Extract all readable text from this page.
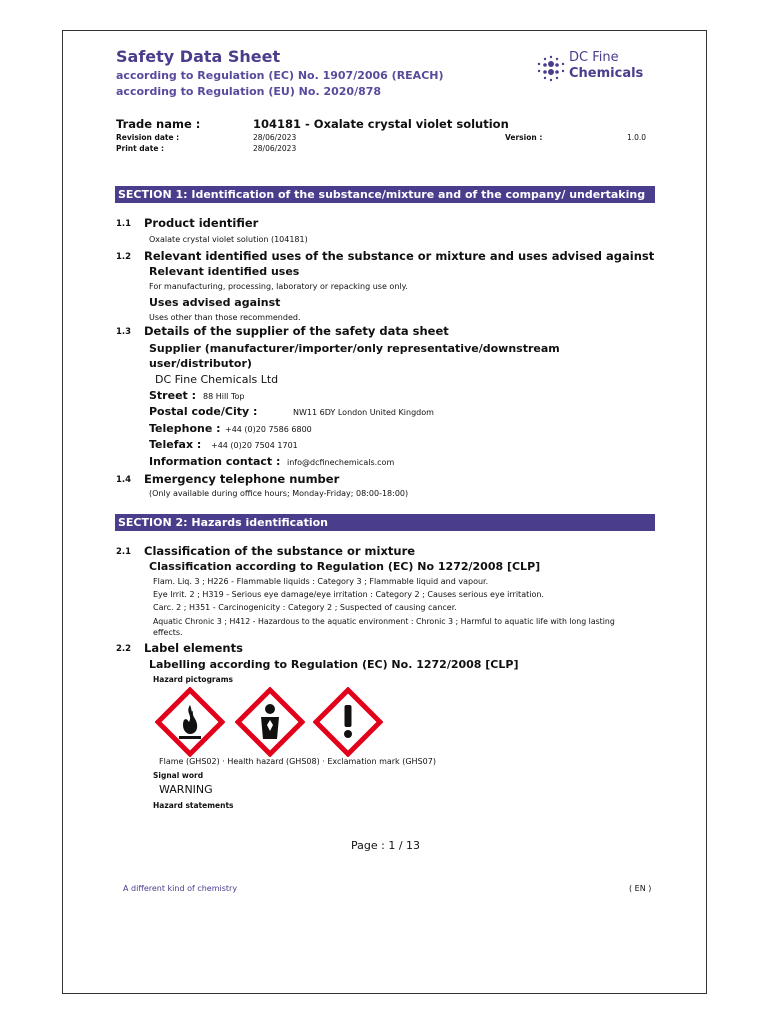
Safety Data Sheet
according to Regulation (EC) No. 1907/2006 (REACH)
according to Regulation (EU) No. 2020/878
DC Fine
Chemicals
Trade name :	104181 - Oxalate crystal violet solution
Revision date :	28/06/2023	Version :	1.0.0
Print date :	28/06/2023
SECTION 1: Identification of the substance/mixture and of the company/ undertaking
1.1 Product identifier
Oxalate crystal violet solution (104181)
1.2 Relevant identified uses of the substance or mixture and uses advised against
Relevant identified uses
For manufacturing, processing, laboratory or repacking use only.
Uses advised against
Uses other than those recommended.
1.3 Details of the supplier of the safety data sheet
Supplier (manufacturer/importer/only representative/downstream
user/distributor)
DC Fine Chemicals Ltd
Street : 88 Hill Top
Postal code/City :	NW11 6DY London United Kingdom
Telephone : +44 (0)20 7586 6800
Telefax : +44 (0)20 7504 1701
Information contact : info@dcfinechemicals.com
1.4 Emergency telephone number
(Only available during office hours; Monday-Friday; 08:00-18:00)
SECTION 2: Hazards identification
2.1 Classification of the substance or mixture
Classification according to Regulation (EC) No 1272/2008 [CLP]
Flam. Liq. 3 ; H226 - Flammable liquids : Category 3 ; Flammable liquid and vapour.
Eye Irrit. 2 ; H319 - Serious eye damage/eye irritation : Category 2 ; Causes serious eye irritation.
Carc. 2 ; H351 - Carcinogenicity : Category 2 ; Suspected of causing cancer.
Aquatic Chronic 3 ; H412 - Hazardous to the aquatic environment : Chronic 3 ; Harmful to aquatic life with long lasting
effects.
2.2 Label elements
Labelling according to Regulation (EC) No. 1272/2008 [CLP]
Hazard pictograms
Flame (GHS02) · Health hazard (GHS08) · Exclamation mark (GHS07)
Signal word
WARNING
Hazard statements
Page : 1 / 13
A different kind of chemistry	( EN )
